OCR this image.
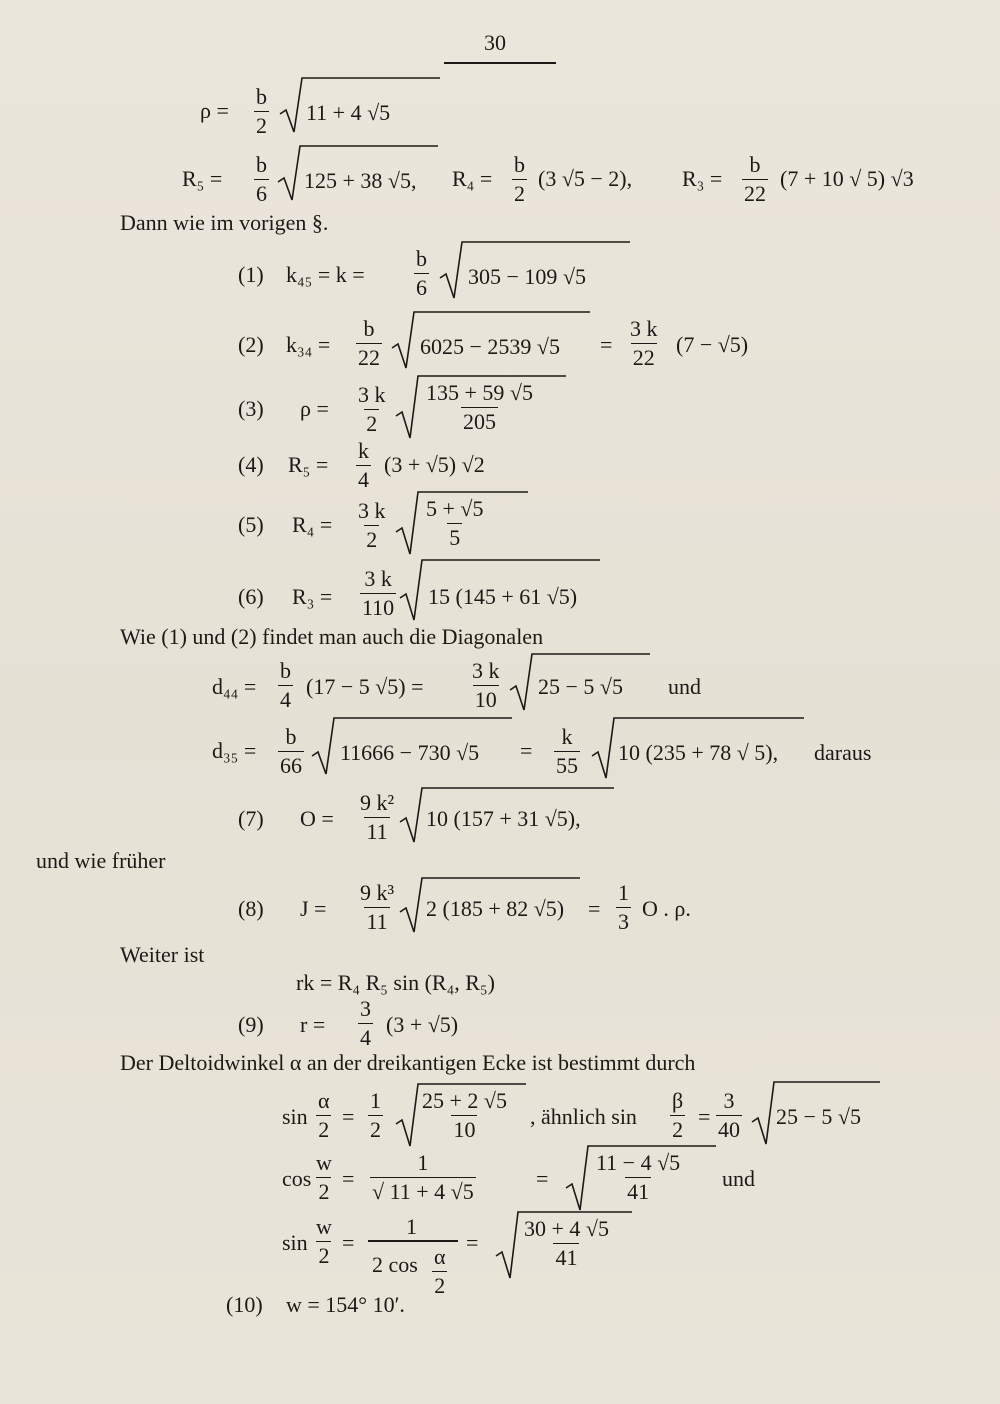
30
$\rho = \frac{b}{2} 11 + 4$ √5
$R_5 = \frac{b}{6} 125 + 38$ √5, $R_4 = \frac{b}{2} (3$ √5 − 2), $R_3 = \frac{b}{22} (7 + 10$ √ 5) √3
Dann wie im vorigen §.
(1) $k_{45} = k = \frac{b}{6} 305 - 109$ √5
(2) $k_{34} = \frac{b}{22} 6025 - 2539$ $√5 = \frac{3 k}{22} (7 - √5)$
(3) $\rho = \frac{3 k}{2} \frac{135 + 59 √5}{205}$
(4) $R_5 = \frac{k}{4} (3 + √5)$ √2
(5) $R_4 = \frac{3 k}{2} \frac{5 + √5}{5}$
(6) $R_3 = \frac{3 k}{110} 15$ (145 + 61 √5)
Wie (1) und (2) findet man auch die Diagonalen
$d_{44} = \frac{b}{4} (17 - 5$ $√5) = \frac{3 k}{10} 25 - 5$ √5 und
$d_{35} = \frac{b}{66} 11666 - 730$ $√5 = \frac{k}{55} 10$ (235 + 78 √ 5), daraus
(7) $O = \frac{\text{9 k²}}{11} 10$ (157 + 31 √5),
und wie früher
(8) $J = \frac{\text{9 k³}}{11} 2$ (185 + 82 $√5) = \frac{1}{3}$ O . ρ.
Weiter ist
rk = R₄ R₅ sin (R₄, R₅)
(9) $r = \frac{3}{4} (3 + √5)$
Der Deltoidwinkel α an der dreikantigen Ecke ist bestimmt durch
$\sin \frac{\alpha}{2} = \frac{1}{2} \frac{25 + 2 √5}{10}$ , ähnlich $\sin \frac{\beta}{2} = \frac{3}{40} 25 - 5$ √5
$\cos \frac{w}{2} = \frac{1}{√ 11 + 4 √5}$	= $\frac{11 - 4 √5}{41}$ und
$\sin \frac{w}{2}$ =
1
2 $\cos \frac{\alpha}{2}$
= $\frac{30 + 4 √5}{41}$
(10) w = 154° 10′.
